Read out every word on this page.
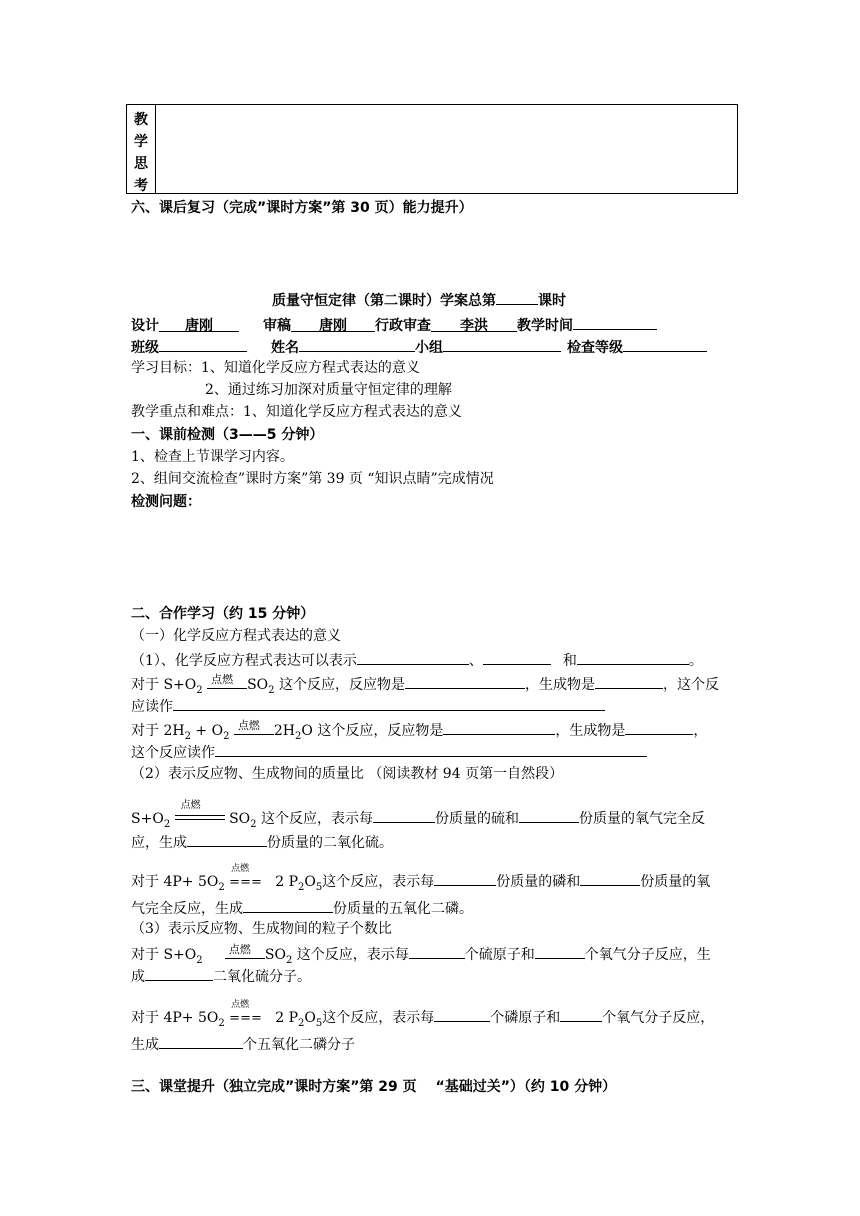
教
学
思
考
六、课后复习（完成”课时方案”第 30 页）能力提升）
质量守恒定律（第二课时）学案总第	课时
设计 唐刚	审稿 唐刚 行政审查 李洪 教学时间
班级	姓名	小组	检查等级
学习目标：1、知道化学反应方程式表达的意义
2、通过练习加深对质量守恒定律的理解
教学重点和难点：1、知道化学反应方程式表达的意义
一、课前检测（3——5 分钟）
1、检查上节课学习内容。
2、组间交流检查”课时方案”第 39 页 “知识点睛”完成情况
检测问题：
二、合作学习（约 15 分钟）
（一）化学反应方程式表达的意义
（1）、化学反应方程式表达可以表示	、	和	。
对于 $S+O_2$
点燃 $SO_2$ 这个反应，反应物是	，生成物是	，这个反
应读作
对于 $2H_2 + O_2$
点燃 $2H_2O$ 这个反应，反应物是	，生成物是	，
这个反应读作
（2）表示反应物、生成物间的质量比 （阅读教材 94 页第一自然段）
$S+O_2$
点燃
$SO_2$ 这个反应，表示每	份质量的硫和	份质量的氧气完全反
应，生成	份质量的二氧化硫。
对于 $4P+ 5O_2$
点燃
=== 2 $P_2O_5$这个反应，表示每	份质量的磷和	份质量的氧
气完全反应，生成	份质量的五氧化二磷。
（3）表示反应物、生成物间的粒子个数比
对于 $S+O_2$
点燃 $SO_2$ 这个反应，表示每	个硫原子和	个氧气分子反应，生
成	二氧化硫分子。
对于 $4P+ 5O_2$
点燃
=== 2 $P_2O_5$这个反应，表示每	个磷原子和	个氧气分子反应，
生成	个五氧化二磷分子
三、课堂提升（独立完成”课时方案”第 29 页　 “基础过关”）（约 10 分钟）
